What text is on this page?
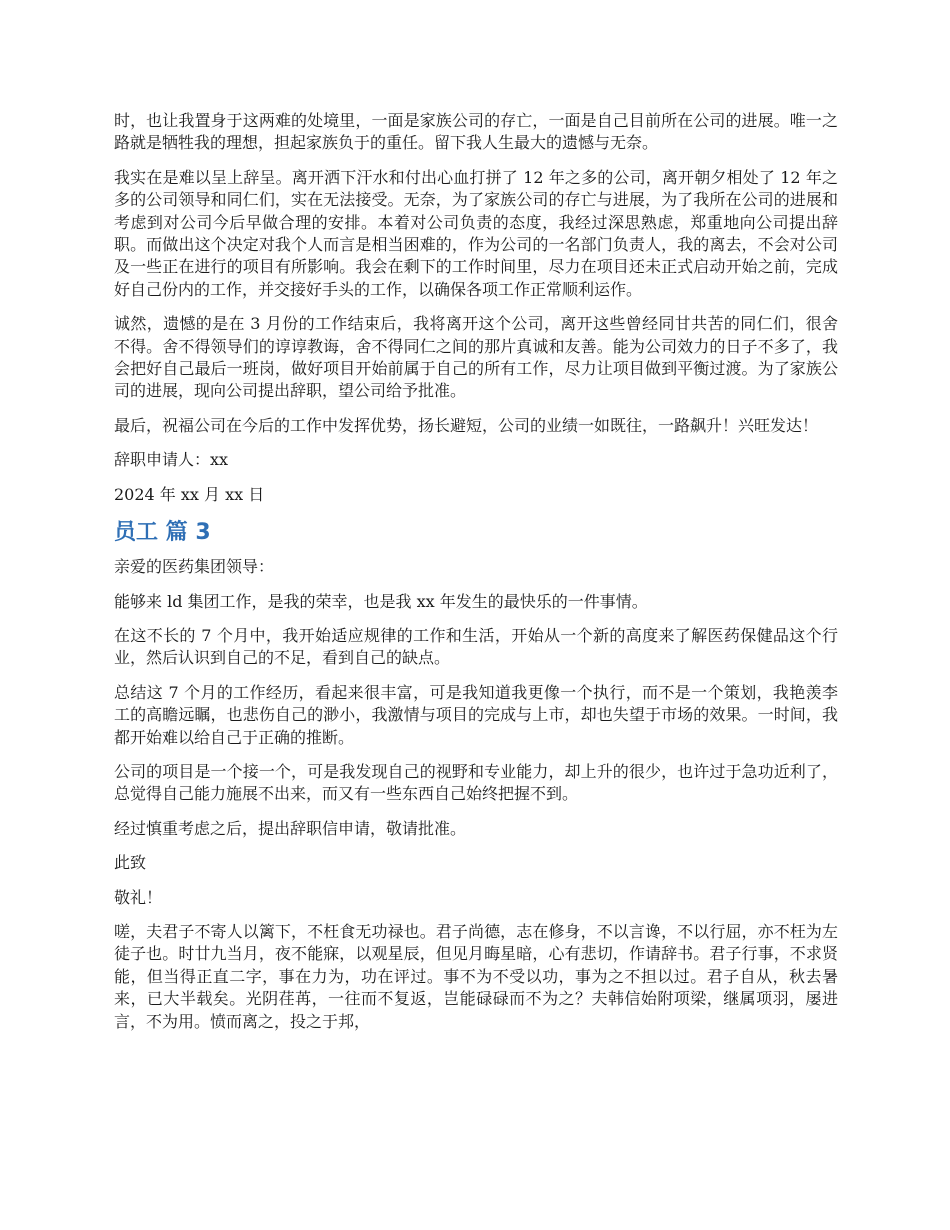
时，也让我置身于这两难的处境里，一面是家族公司的存亡，一面是自己目前所在公司的进展。唯一之路就是牺牲我的理想，担起家族负于的重任。留下我人生最大的遗憾与无奈。

我实在是难以呈上辞呈。离开洒下汗水和付出心血打拼了 12 年之多的公司，离开朝夕相处了 12 年之多的公司领导和同仁们，实在无法接受。无奈，为了家族公司的存亡与进展，为了我所在公司的进展和考虑到对公司今后早做合理的安排。本着对公司负责的态度，我经过深思熟虑，郑重地向公司提出辞职。而做出这个决定对我个人而言是相当困难的，作为公司的一名部门负责人，我的离去，不会对公司及一些正在进行的项目有所影响。我会在剩下的工作时间里，尽力在项目还未正式启动开始之前，完成好自己份内的工作，并交接好手头的工作，以确保各项工作正常顺利运作。

诚然，遗憾的是在 3 月份的工作结束后，我将离开这个公司，离开这些曾经同甘共苦的同仁们，很舍不得。舍不得领导们的谆谆教诲，舍不得同仁之间的那片真诚和友善。能为公司效力的日子不多了，我会把好自己最后一班岗，做好项目开始前属于自己的所有工作，尽力让项目做到平衡过渡。为了家族公司的进展，现向公司提出辞职，望公司给予批准。

最后，祝福公司在今后的工作中发挥优势，扬长避短，公司的业绩一如既往，一路飙升！兴旺发达！

辞职申请人：xx

2024 年 xx 月 xx 日

员工 篇 3

亲爱的医药集团领导：

能够来 ld 集团工作，是我的荣幸，也是我 xx 年发生的最快乐的一件事情。

在这不长的 7 个月中，我开始适应规律的工作和生活，开始从一个新的高度来了解医药保健品这个行业，然后认识到自己的不足，看到自己的缺点。

总结这 7 个月的工作经历，看起来很丰富，可是我知道我更像一个执行，而不是一个策划，我艳羡李工的高瞻远瞩，也悲伤自己的渺小，我激情与项目的完成与上市，却也失望于市场的效果。一时间，我都开始难以给自己于正确的推断。

公司的项目是一个接一个，可是我发现自己的视野和专业能力，却上升的很少，也许过于急功近利了，总觉得自己能力施展不出来，而又有一些东西自己始终把握不到。

经过慎重考虑之后，提出辞职信申请，敬请批准。

此致

敬礼！

嗟，夫君子不寄人以篱下，不枉食无功禄也。君子尚德，志在修身，不以言谗，不以行屈，亦不枉为左徒子也。时廿九当月，夜不能寐，以观星辰，但见月晦星暗，心有悲切，作请辞书。君子行事，不求贤能，但当得正直二字，事在力为，功在评过。事不为不受以功，事为之不担以过。君子自从，秋去暑来，已大半载矣。光阴荏苒，一往而不复返，岂能碌碌而不为之？夫韩信始附项梁，继属项羽，屡进言，不为用。愤而离之，投之于邦，
